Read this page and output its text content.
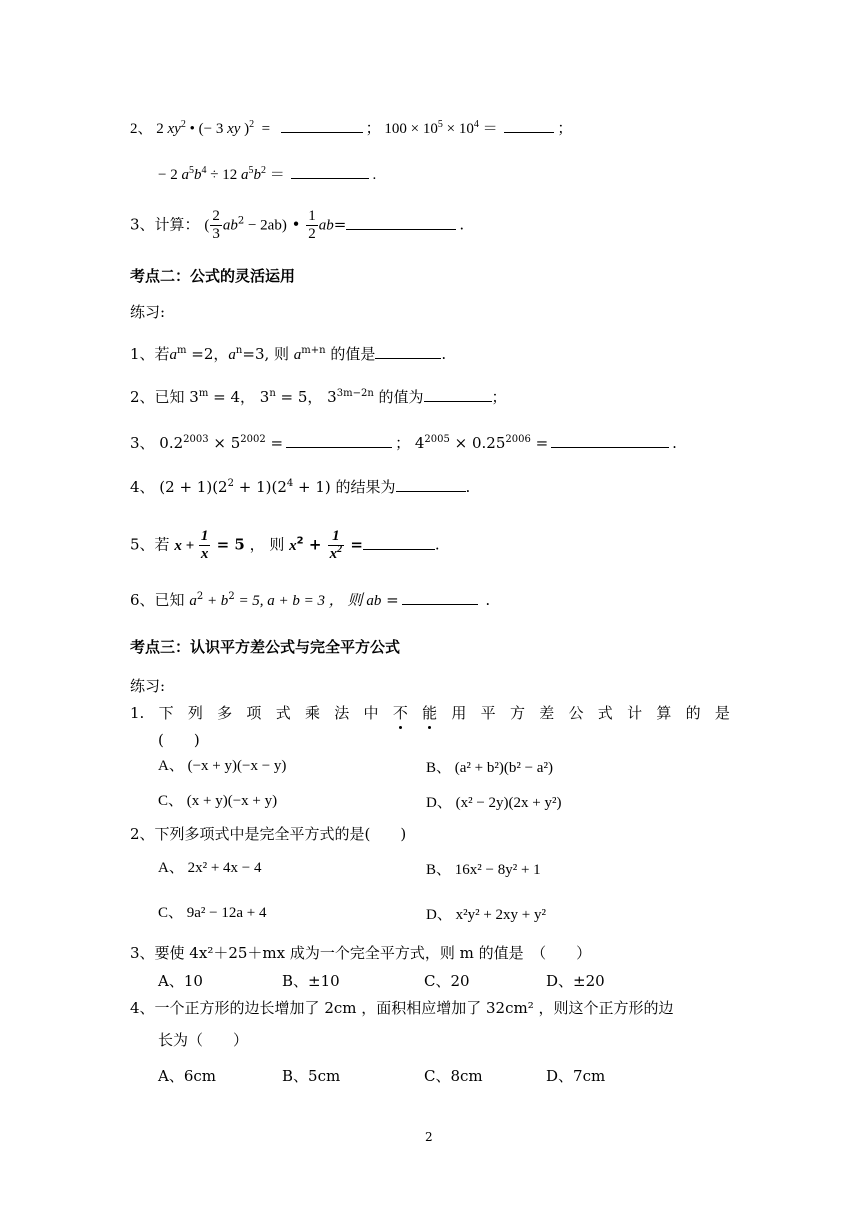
2、 2 $xy^2$ • (− 3 xy )$^2$ =	； $100 \times 10^5 \times 10^4$ ＝	；
− 2 $a^5b^4 \div 12$ $a^5b^2$ ＝	.
3、计算： ( $\frac{2}{3} ab^2 - 2ab$) • $\frac{1}{2} ab=$	.
考点二：公式的灵活运用
练习:
1、若$a^m =2$，$a^n=3$, 则 $a^{m+n}$ 的值是	.
2、已知 $3^m = 4$， $3^n = 5$， $3^{3m-2n}$ 的值为	；
3、 $0.2^{2003} \times 5^{2002}$ =	； $4^{2005} \times 0.25^{2006}$ =	.
4、 $(2 + 1)(2^2 + 1)(2^4 + 1)$ 的结果为	.
5、若 $x + \frac{1}{x} = 5$ ， 则 $x^2 + \frac{1}{x^2}$ =	.
6、已知 $a^2 + b^2 = 5$, a + b = 3 ， 则 ab =	.
考点三：认识平方差公式与完全平方公式
练习:
1. 下 列 多 项 式 乘 法 中 不 能 用 平 方 差 公 式 计 算 的 是
(　　)
A、 (−x + y)(−x − y)	B、 (a² + b²)(b² − a²)
C、 (x + y)(−x + y)	D、 (x² − 2y)(2x + y²)
2、下列多项式中是完全平方式的是(　　)
A、 2x² + 4x − 4	B、 16x² − 8y² + 1
C、 9a² − 12a + 4	D、 x²y² + 2xy + y²
3、要使 4x²＋25＋mx 成为一个完全平方式，则 m 的值是　（　　）
A、10	B、±10	C、20	D、±20
4、一个正方形的边长增加了 2cm ，面积相应增加了 32cm² ，则这个正方形的边
长为（　　）
A、6cm	B、5cm	C、8cm	D、7cm
2
